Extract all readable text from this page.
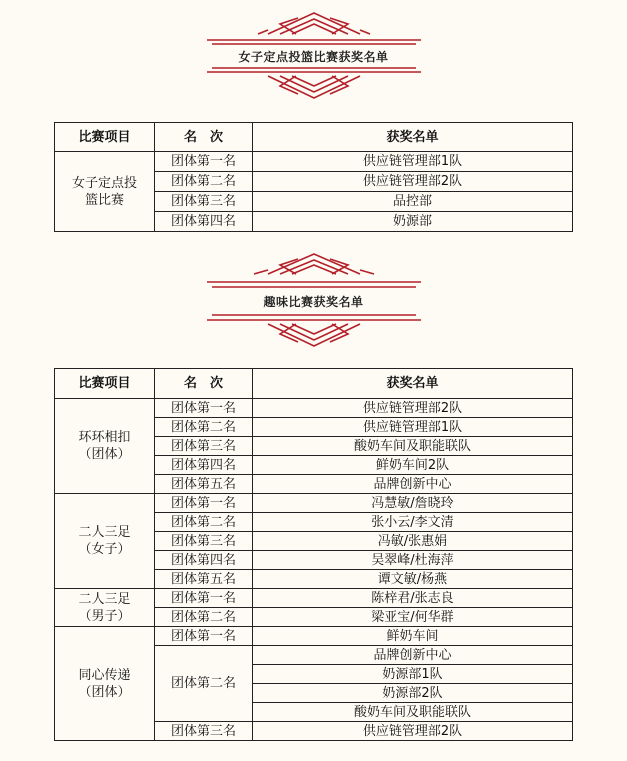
女子定点投篮比赛获奖名单
比赛项目	名　次	获奖名单

女子定点投
篮比赛	团体第一名	供应链管理部1队
	团体第二名	供应链管理部2队
	团体第三名	品控部
	团体第四名	奶源部
趣味比赛获奖名单
比赛项目	名　次	获奖名单

环环相扣
（团体）	团体第一名	供应链管理部2队
	团体第二名	供应链管理部1队
	团体第三名	酸奶车间及职能联队
	团体第四名	鲜奶车间2队
	团体第五名	品牌创新中心

二人三足
（女子）	团体第一名	冯慧敏/詹晓玲
	团体第二名	张小云/李文清
	团体第三名	冯敏/张惠娟
	团体第四名	吴翠峰/杜海萍
	团体第五名	谭文敏/杨燕

二人三足
（男子）	团体第一名	陈梓君/张志良
	团体第二名	梁亚宝/何华群

同心传递
（团体）	团体第一名	鲜奶车间
	团体第二名	品牌创新中心
		奶源部1队
		奶源部2队
		酸奶车间及职能联队
	团体第三名	供应链管理部2队
